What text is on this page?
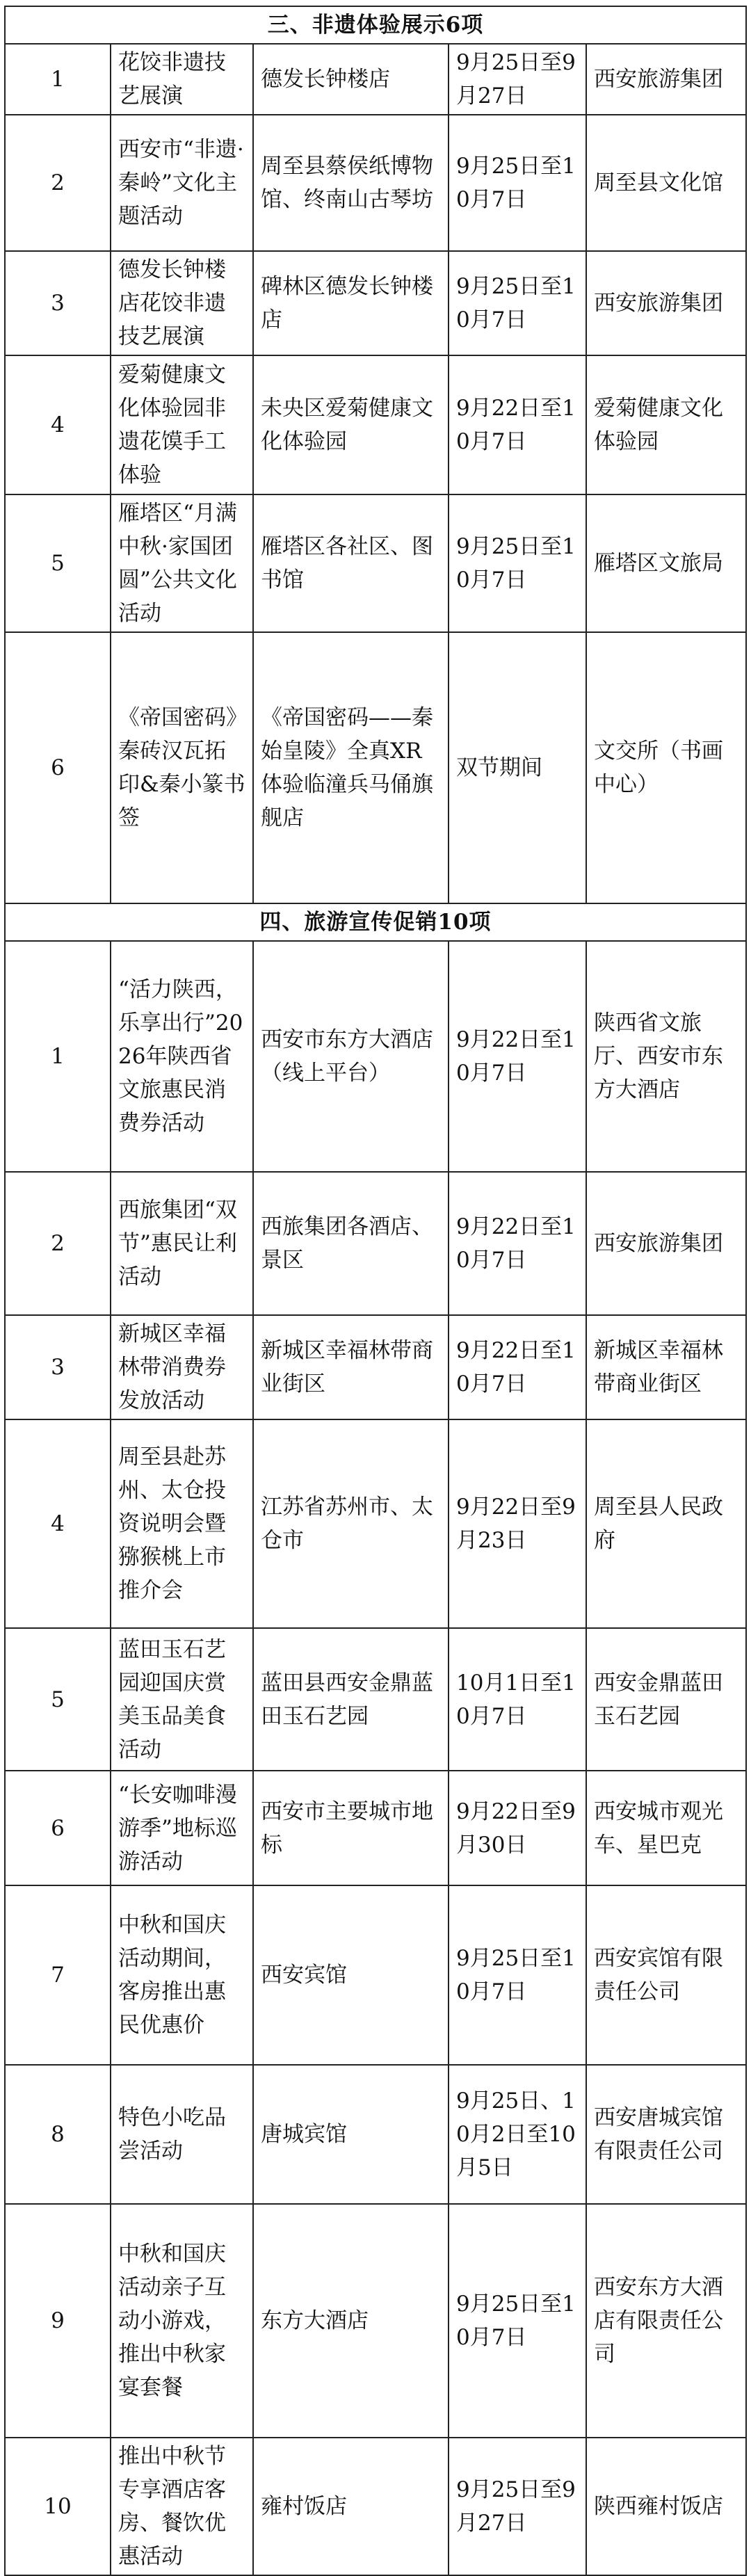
三、非遗体验展示6项				
1	花饺非遗技艺展演	德发长钟楼店	9月25日至9月27日	西安旅游集团
2	西安市“非遗·秦岭”文化主题活动	周至县蔡侯纸博物馆、终南山古琴坊	9月25日至10月7日	周至县文化馆
3	德发长钟楼店花饺非遗技艺展演	碑林区德发长钟楼店	9月25日至10月7日	西安旅游集团
4	爱菊健康文化体验园非遗花馍手工体验	未央区爱菊健康文化体验园	9月22日至10月7日	爱菊健康文化体验园
5	雁塔区“月满中秋·家国团圆”公共文化活动	雁塔区各社区、图书馆	9月25日至10月7日	雁塔区文旅局
6	《帝国密码》秦砖汉瓦拓印&秦小篆书签	《帝国密码——秦始皇陵》全真XR体验临潼兵马俑旗舰店	双节期间	文交所（书画中心）
四、旅游宣传促销10项				
1	“活力陕西，乐享出行”2026年陕西省文旅惠民消费券活动	西安市东方大酒店（线上平台）	9月22日至10月7日	陕西省文旅厅、西安市东方大酒店
2	西旅集团“双节”惠民让利活动	西旅集团各酒店、景区	9月22日至10月7日	西安旅游集团
3	新城区幸福林带消费券发放活动	新城区幸福林带商业街区	9月22日至10月7日	新城区幸福林带商业街区
4	周至县赴苏州、太仓投资说明会暨猕猴桃上市推介会	江苏省苏州市、太仓市	9月22日至9月23日	周至县人民政府
5	蓝田玉石艺园迎国庆赏美玉品美食活动	蓝田县西安金鼎蓝田玉石艺园	10月1日至10月7日	西安金鼎蓝田玉石艺园
6	“长安咖啡漫游季”地标巡游活动	西安市主要城市地标	9月22日至9月30日	西安城市观光车、星巴克
7	中秋和国庆活动期间，客房推出惠民优惠价	西安宾馆	9月25日至10月7日	西安宾馆有限责任公司
8	特色小吃品尝活动	唐城宾馆	9月25日、10月2日至10月5日	西安唐城宾馆有限责任公司
9	中秋和国庆活动亲子互动小游戏，推出中秋家宴套餐	东方大酒店	9月25日至10月7日	西安东方大酒店有限责任公司
10	推出中秋节专享酒店客房、餐饮优惠活动	雍村饭店	9月25日至9月27日	陕西雍村饭店
